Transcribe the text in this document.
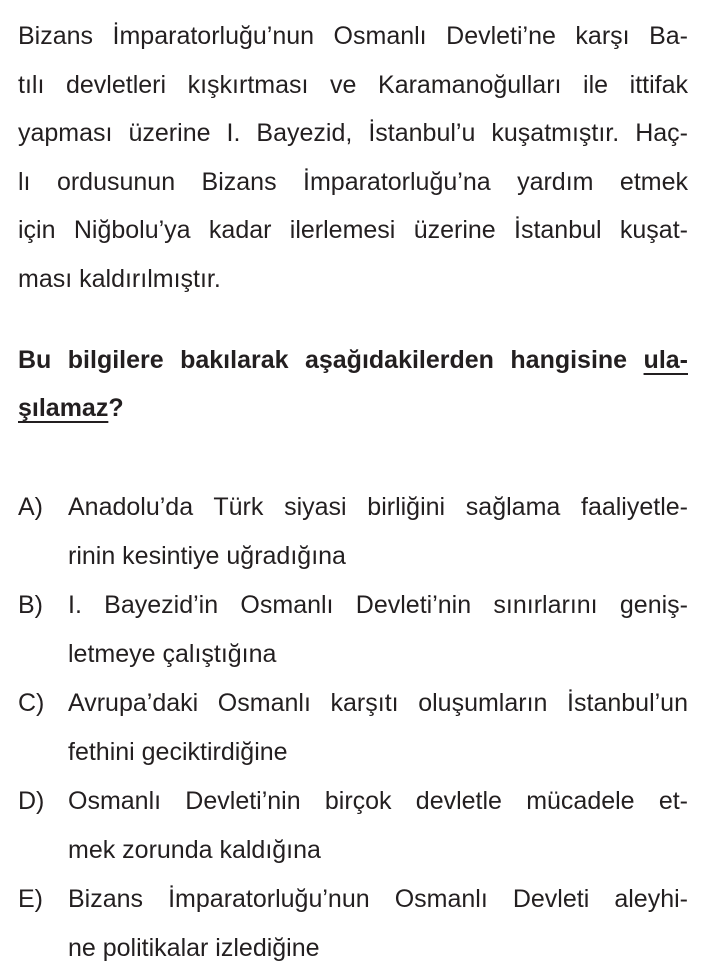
Bizans İmparatorluğu’nun Osmanlı Devleti’ne karşı Ba-
tılı devletleri kışkırtması ve Karamanoğulları ile ittifak
yapması üzerine I. Bayezid, İstanbul’u kuşatmıştır. Haç-
lı ordusunun Bizans İmparatorluğu’na yardım etmek
için Niğbolu’ya kadar ilerlemesi üzerine İstanbul kuşat-
ması kaldırılmıştır.

Bu bilgilere bakılarak aşağıdakilerden hangisine ula-
şılamaz?

A)	Anadolu’da Türk siyasi birliğini sağlama faaliyetle-
rinin kesintiye uğradığına
B)	I. Bayezid’in Osmanlı Devleti’nin sınırlarını geniş-
letmeye çalıştığına
C) Avrupa’daki Osmanlı karşıtı oluşumların İstanbul’un
fethini geciktirdiğine
D) Osmanlı Devleti’nin birçok devletle mücadele et-
mek zorunda kaldığına
E)	Bizans İmparatorluğu’nun Osmanlı Devleti aleyhi-
ne politikalar izlediğine
